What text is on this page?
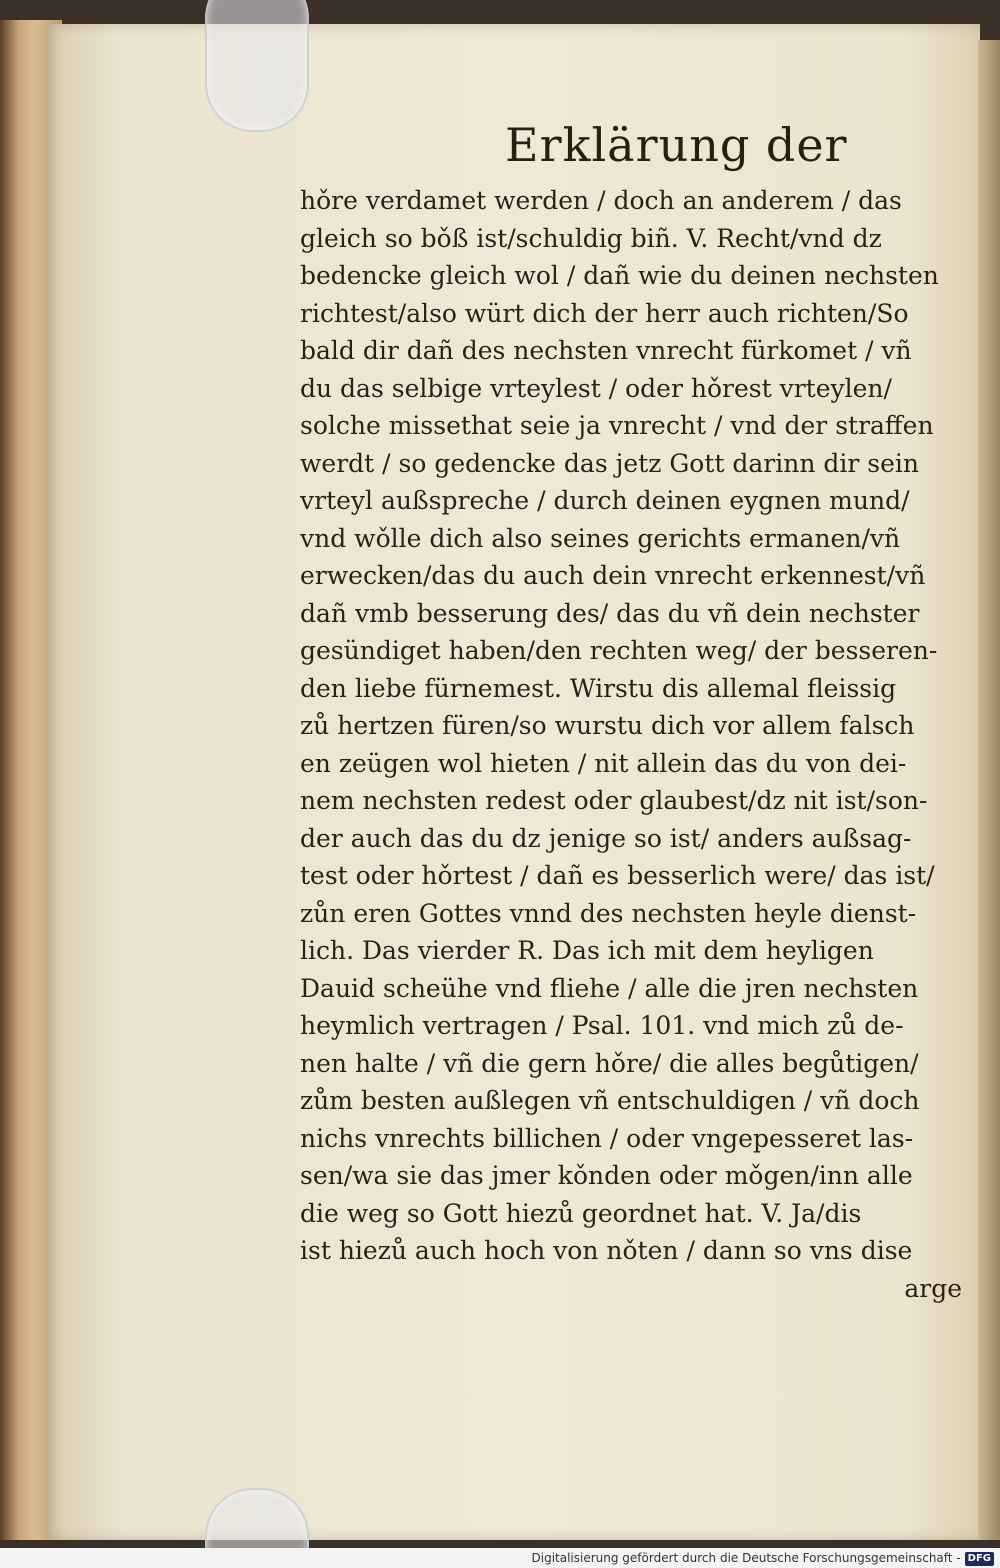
Erklärung der
hǒre verdamet werden / doch an anderem / das
gleich so bǒß ist/schuldig biñ. V. Recht/vnd dz
bedencke gleich wol / dañ wie du deinen nechsten
richtest/also würt dich der herr auch richten/So
bald dir dañ des nechsten vnrecht fürkomet / vñ
du das selbige vrteylest / oder hǒrest vrteylen/
solche missethat seie ja vnrecht / vnd der straffen
werdt / so gedencke das jetz Gott darinn dir sein
vrteyl außspreche / durch deinen eygnen mund/
vnd wǒlle dich also seines gerichts ermanen/vñ
erwecken/das du auch dein vnrecht erkennest/vñ
dañ vmb besserung des/ das du vñ dein nechster
gesündiget haben/den rechten weg/ der besseren-
den liebe fürnemest. Wirstu dis allemal fleissig
zů hertzen füren/so wurstu dich vor allem falsch
en zeügen wol hieten / nit allein das du von dei-
nem nechsten redest oder glaubest/dz nit ist/son-
der auch das du dz jenige so ist/ anders außsag-
test oder hǒrtest / dañ es besserlich were/ das ist/
zůn eren Gottes vnnd des nechsten heyle dienst-
lich. Das vierder R. Das ich mit dem heyligen
Dauid scheühe vnd fliehe / alle die jren nechsten
heymlich vertragen / Psal. 101. vnd mich zů de-
nen halte / vñ die gern hǒre/ die alles begůtigen/
zům besten außlegen vñ entschuldigen / vñ doch
nichs vnrechts billichen / oder vngepesseret las-
sen/wa sie das jmer kǒnden oder mǒgen/inn alle
die weg so Gott hiezů geordnet hat. V. Ja/dis
ist hiezů auch hoch von nǒten / dann so vns dise
arge
Digitalisierung gefördert durch die Deutsche Forschungsgemeinschaft - DFG
